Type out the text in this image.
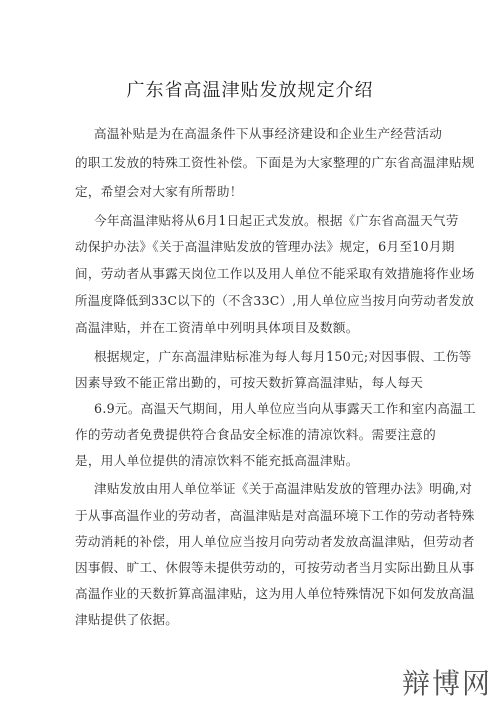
广东省高温津贴发放规定介绍
高温补贴是为在高温条件下从事经济建设和企业生产经营活动
的职工发放的特殊工资性补偿。下面是为大家整理的广东省高温津贴规
定，希望会对大家有所帮助！
今年高温津贴将从6月1日起正式发放。根据《广东省高温天气劳
动保护办法》《关于高温津贴发放的管理办法》规定，6月至10月期
间，劳动者从事露天岗位工作以及用人单位不能采取有效措施将作业场
所温度降低到33C以下的（不含33C）,用人单位应当按月向劳动者发放
高温津贴，并在工资清单中列明具体项目及数额。
根据规定，广东高温津贴标准为每人每月150元;对因事假、工伤等
因素导致不能正常出勤的，可按天数折算高温津贴，每人每天
6.9元。高温天气期间，用人单位应当向从事露天工作和室内高温工
作的劳动者免费提供符合食品安全标准的清凉饮料。需要注意的
是，用人单位提供的清凉饮料不能充抵高温津贴。
津贴发放由用人单位举证《关于高温津贴发放的管理办法》明确,对
于从事高温作业的劳动者，高温津贴是对高温环境下工作的劳动者特殊
劳动消耗的补偿，用人单位应当按月向劳动者发放高温津贴，但劳动者
因事假、旷工、休假等未提供劳动的，可按劳动者当月实际出勤且从事
高温作业的天数折算高温津贴，这为用人单位特殊情况下如何发放高温
津贴提供了依据。
辩博网
